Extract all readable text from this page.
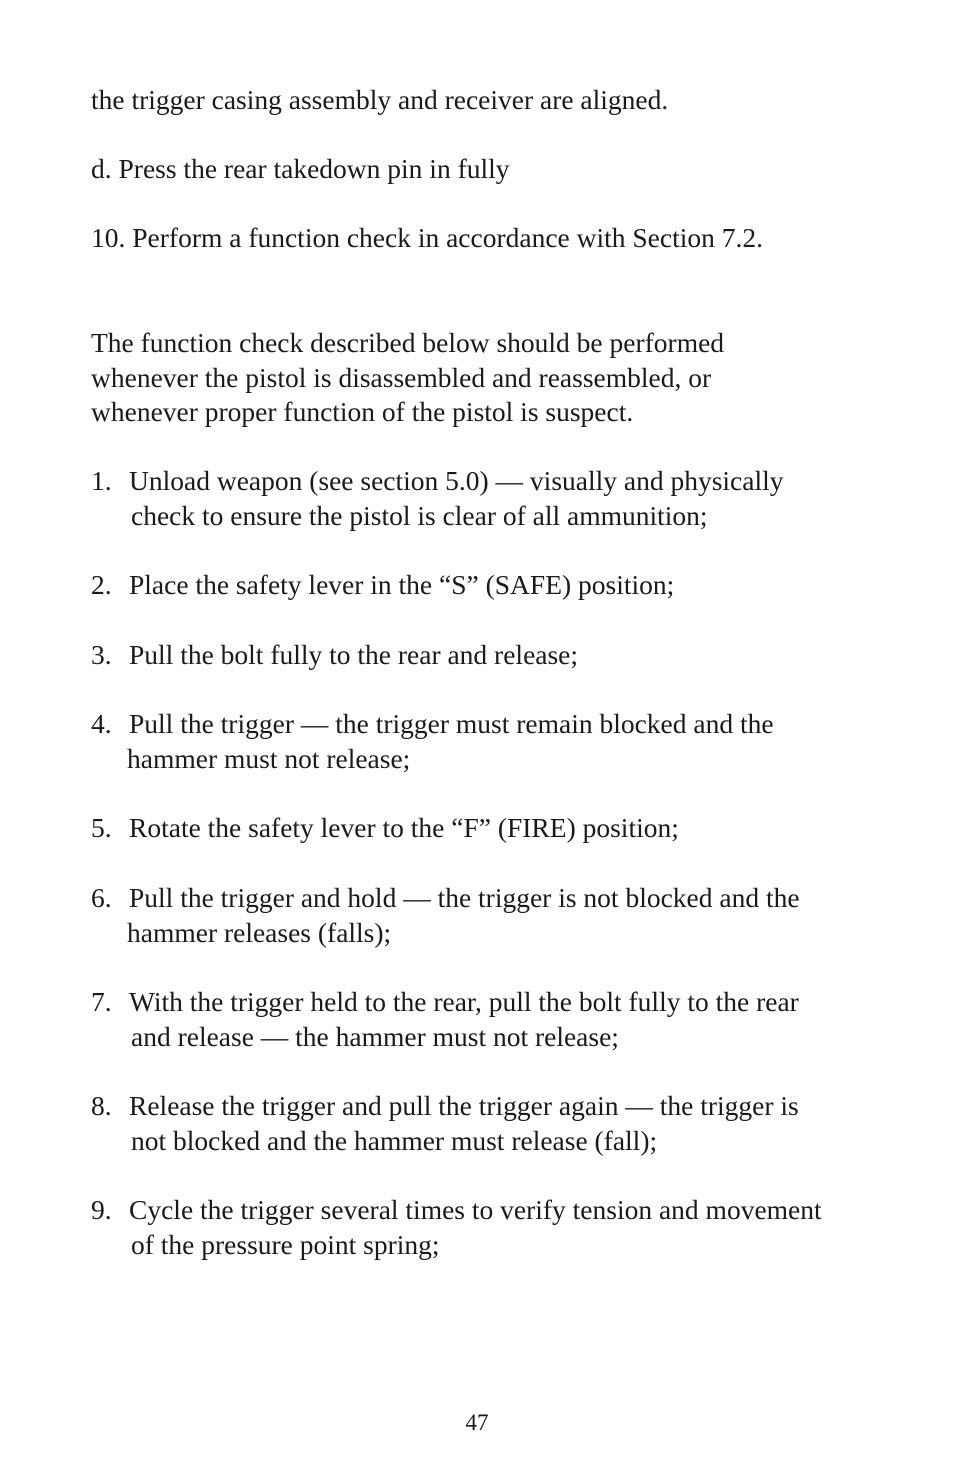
the trigger casing assembly and receiver are aligned.
d. Press the rear takedown pin in fully
10. Perform a function check in accordance with Section 7.2.
The function check described below should be performed
whenever the pistol is disassembled and reassembled, or
whenever proper function of the pistol is suspect.
1. Unload weapon (see section 5.0) — visually and physically
check to ensure the pistol is clear of all ammunition;
2. Place the safety lever in the “S” (SAFE) position;
3. Pull the bolt fully to the rear and release;
4. Pull the trigger — the trigger must remain blocked and the
hammer must not release;
5. Rotate the safety lever to the “F” (FIRE) position;
6. Pull the trigger and hold — the trigger is not blocked and the
hammer releases (falls);
7. With the trigger held to the rear, pull the bolt fully to the rear
and release — the hammer must not release;
8. Release the trigger and pull the trigger again — the trigger is
not blocked and the hammer must release (fall);
9. Cycle the trigger several times to verify tension and movement
of the pressure point spring;
47
